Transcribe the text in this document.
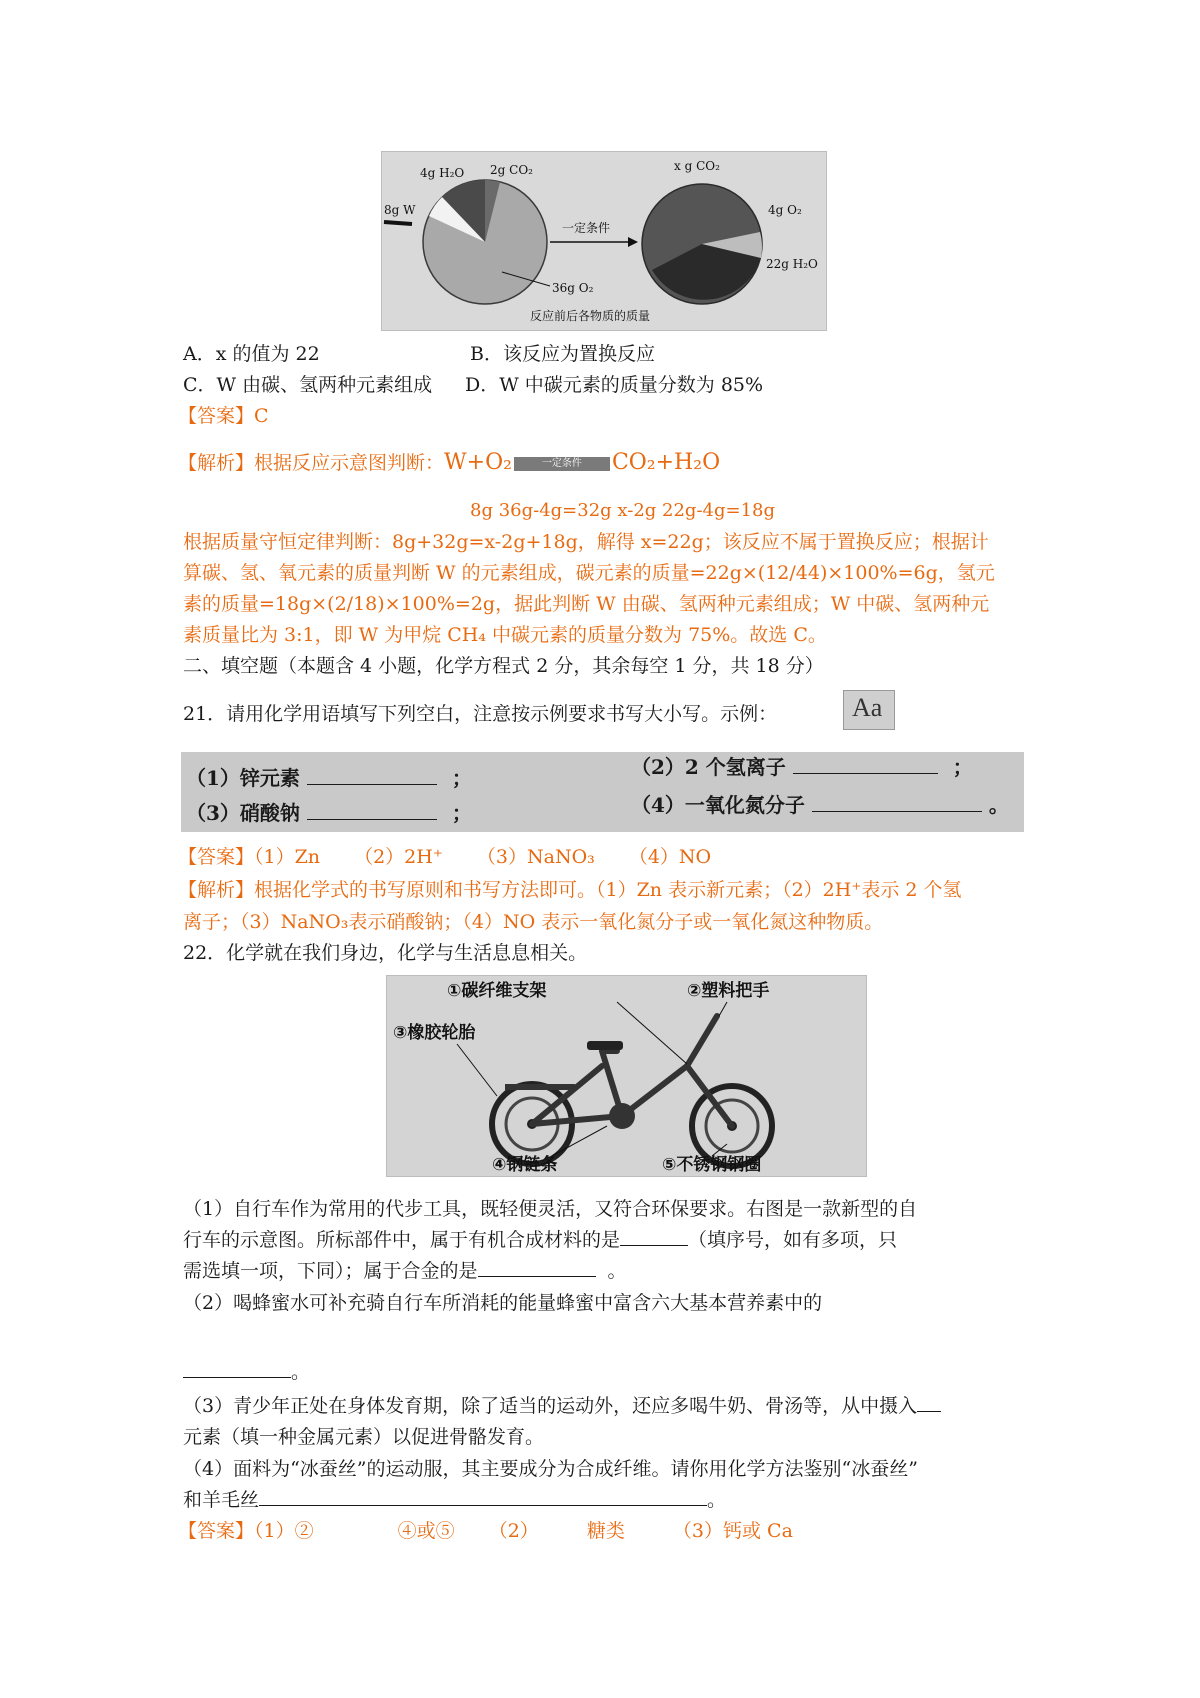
4g H₂O 2g CO₂
8g W
36g O₂
一定条件
x g CO₂
4g O₂
22g H₂O
反应前后各物质的质量
A．x 的值为 22	B．该反应为置换反应
C．W 由碳、氢两种元素组成 D．W 中碳元素的质量分数为 85%
【答案】C
【解析】根据反应示意图判断：W+O₂	一定条件 CO₂+H₂O
8g 36g-4g=32g x-2g 22g-4g=18g
根据质量守恒定律判断：8g+32g=x-2g+18g，解得 x=22g；该反应不属于置换反应；根据计
算碳、氢、氧元素的质量判断 W 的元素组成，碳元素的质量=22g×(12/44)×100%=6g，氢元
素的质量=18g×(2/18)×100%=2g，据此判断 W 由碳、氢两种元素组成；W 中碳、氢两种元
素质量比为 3:1，即 W 为甲烷 CH₄ 中碳元素的质量分数为 75%。故选 C。
二、填空题（本题含 4 小题，化学方程式 2 分，其余每空 1 分，共 18 分）
21．请用化学用语填写下列空白，注意按示例要求书写大小写。示例：	Aa
（1）锌元素	；	（2）2 个氢离子	；
（3）硝酸钠	；	（4）一氧化氮分子	。
【答案】（1）Zn （2）2H⁺ （3）NaNO₃ （4）NO
【解析】根据化学式的书写原则和书写方法即可。（1）Zn 表示新元素；（2）2H⁺表示 2 个氢
离子；（3）NaNO₃表示硝酸钠；（4）NO 表示一氧化氮分子或一氧化氮这种物质。
22．化学就在我们身边，化学与生活息息相关。
①碳纤维支架	②塑料把手
③橡胶轮胎
④钢链条	⑤不锈钢钢圈
（1）自行车作为常用的代步工具，既轻便灵活，又符合环保要求。右图是一款新型的自
行车的示意图。所标部件中，属于有机合成材料的是	（填序号，如有多项，只
需选填一项，下同）；属于合金的是	。
（2）喝蜂蜜水可补充骑自行车所消耗的能量蜂蜜中富含六大基本营养素中的
。
（3）青少年正处在身体发育期，除了适当的运动外，还应多喝牛奶、骨汤等，从中摄入
元素（填一种金属元素）以促进骨骼发育。
（4）面料为“冰蚕丝”的运动服，其主要成分为合成纤维。请你用化学方法鉴别“冰蚕丝”
和羊毛丝	。
【答案】（1）②	④或⑤ （2）	糖类	（3）钙或 Ca
